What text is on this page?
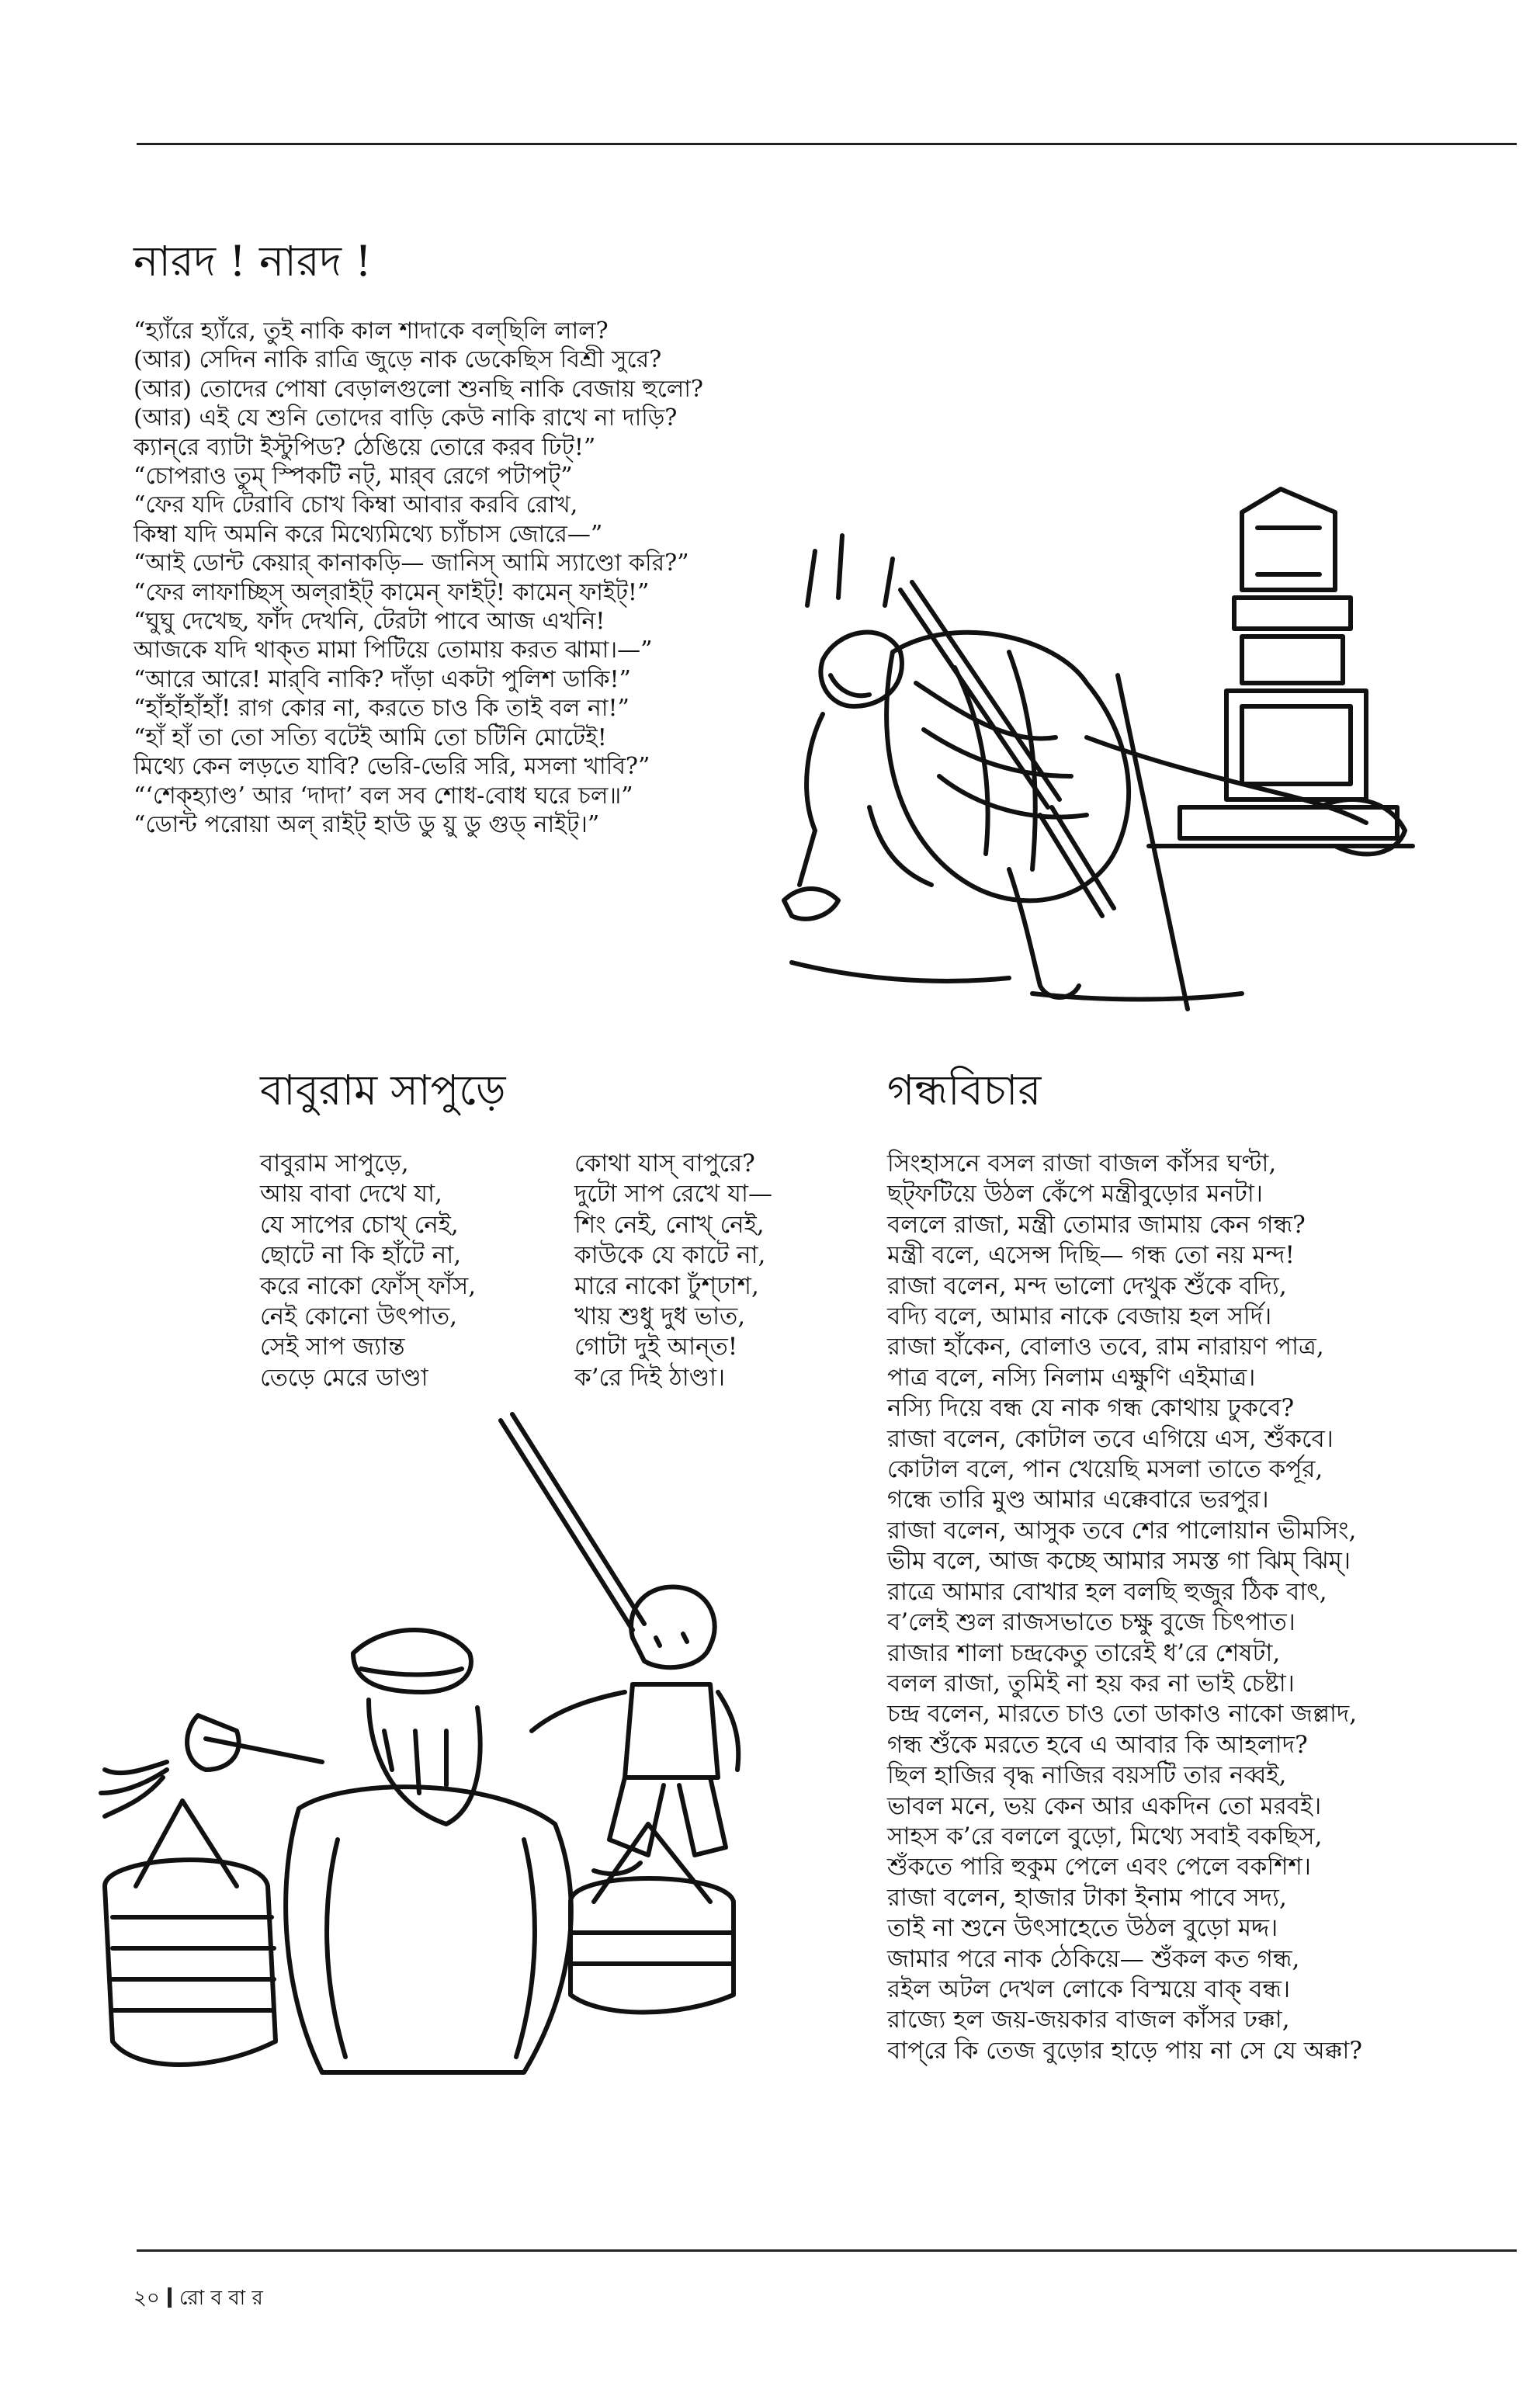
নারদ ! নারদ !
“হ্যাঁরে হ্যাঁরে, তুই নাকি কাল শাদাকে বল্‌ছিলি লাল?
(আর) সেদিন নাকি রাত্রি জুড়ে নাক ডেকেছিস বিশ্রী সুরে?
(আর) তোদের পোষা বেড়ালগুলো শুনছি নাকি বেজায় হুলো?
(আর) এই যে শুনি তোদের বাড়ি কেউ নাকি রাখে না দাড়ি?
ক্যান্‌রে ব্যাটা ইস্টুপিড? ঠেঙিয়ে তোরে করব ঢিট্!”
“চোপরাও তুম্ স্পিকটি নট্, মার্‌ব রেগে পটাপট্”
“ফের যদি টেরাবি চোখ কিম্বা আবার করবি রোখ,
কিম্বা যদি অমনি করে মিথ্যেমিথ্যে চ্যাঁচাস জোরে—”
“আই ডোন্ট কেয়ার্ কানাকড়ি— জানিস্ আমি স্যাণ্ডো করি?”
“ফের লাফাচ্ছিস্ অল্‌রাইট্ কামেন্ ফাইট্! কামেন্ ফাইট্!”
“ঘুঘু দেখেছ, ফাঁদ দেখনি, টেরটা পাবে আজ এখনি!
আজকে যদি থাক্‌ত মামা পিটিয়ে তোমায় করত ঝামা।—”
“আরে আরে! মার্‌বি নাকি? দাঁড়া একটা পুলিশ ডাকি!”
“হাঁহাঁহাঁহাঁ! রাগ কোর না, করতে চাও কি তাই বল না!”
“হাঁ হাঁ তা তো সত্যি বটেই আমি তো চটিনি মোটেই!
মিথ্যে কেন লড়তে যাবি? ভেরি-ভেরি সরি, মসলা খাবি?”
“‘শেক্‌হ্যাণ্ড’ আর ‘দাদা’ বল সব শোধ-বোধ ঘরে চল॥”
“ডোন্ট পরোয়া অল্ রাইট্ হাউ ডু য়ু ডু গুড্ নাইট্।”
বাবুরাম সাপুড়ে
বাবুরাম সাপুড়ে,
আয় বাবা দেখে যা,
যে সাপের চোখ্ নেই,
ছোটে না কি হাঁটে না,
করে নাকো ফোঁস্ ফাঁস,
নেই কোনো উৎপাত,
সেই সাপ জ্যান্ত
তেড়ে মেরে ডাণ্ডা
কোথা যাস্ বাপুরে?
দুটো সাপ রেখে যা—
শিং নেই, নোখ্ নেই,
কাউকে যে কাটে না,
মারে নাকো ঢুঁশ্‌ঢাশ,
খায় শুধু দুধ ভাত,
গোটা দুই আন্‌ত!
ক’রে দিই ঠাণ্ডা।
গন্ধবিচার
সিংহাসনে বসল রাজা বাজল কাঁসর ঘণ্টা,
ছট্‌ফটিয়ে উঠল কেঁপে মন্ত্রীবুড়োর মনটা।
বললে রাজা, মন্ত্রী তোমার জামায় কেন গন্ধ?
মন্ত্রী বলে, এসেন্স দিছি— গন্ধ তো নয় মন্দ!
রাজা বলেন, মন্দ ভালো দেখুক শুঁকে বদ্যি,
বদ্যি বলে, আমার নাকে বেজায় হল সর্দি।
রাজা হাঁকেন, বোলাও তবে, রাম নারায়ণ পাত্র,
পাত্র বলে, নস্যি নিলাম এক্ষুণি এইমাত্র।
নস্যি দিয়ে বন্ধ যে নাক গন্ধ কোথায় ঢুকবে?
রাজা বলেন, কোটাল তবে এগিয়ে এস, শুঁকবে।
কোটাল বলে, পান খেয়েছি মসলা তাতে কর্পূর,
গন্ধে তারি মুণ্ড আমার এক্কেবারে ভরপুর।
রাজা বলেন, আসুক তবে শের পালোয়ান ভীমসিং,
ভীম বলে, আজ কচ্ছে আমার সমস্ত গা ঝিম্ ঝিম্।
রাত্রে আমার বোখার হল বলছি হুজুর ঠিক বাৎ,
ব’লেই শুল রাজসভাতে চক্ষু বুজে চিৎপাত।
রাজার শালা চন্দ্রকেতু তারেই ধ’রে শেষটা,
বলল রাজা, তুমিই না হয় কর না ভাই চেষ্টা।
চন্দ্র বলেন, মারতে চাও তো ডাকাও নাকো জল্লাদ,
গন্ধ শুঁকে মরতে হবে এ আবার কি আহলাদ?
ছিল হাজির বৃদ্ধ নাজির বয়সটি তার নব্বই,
ভাবল মনে, ভয় কেন আর একদিন তো মরবই।
সাহস ক’রে বললে বুড়ো, মিথ্যে সবাই বকছিস,
শুঁকতে পারি হুকুম পেলে এবং পেলে বকশিশ।
রাজা বলেন, হাজার টাকা ইনাম পাবে সদ্য,
তাই না শুনে উৎসাহেতে উঠল বুড়ো মদ্দ।
জামার পরে নাক ঠেকিয়ে— শুঁকল কত গন্ধ,
রইল অটল দেখল লোকে বিস্ময়ে বাক্ বন্ধ।
রাজ্যে হল জয়-জয়কার বাজল কাঁসর ঢক্কা,
বাপ্‌রে কি তেজ বুড়োর হাড়ে পায় না সে যে অক্কা?
২০ রো ব বা র
